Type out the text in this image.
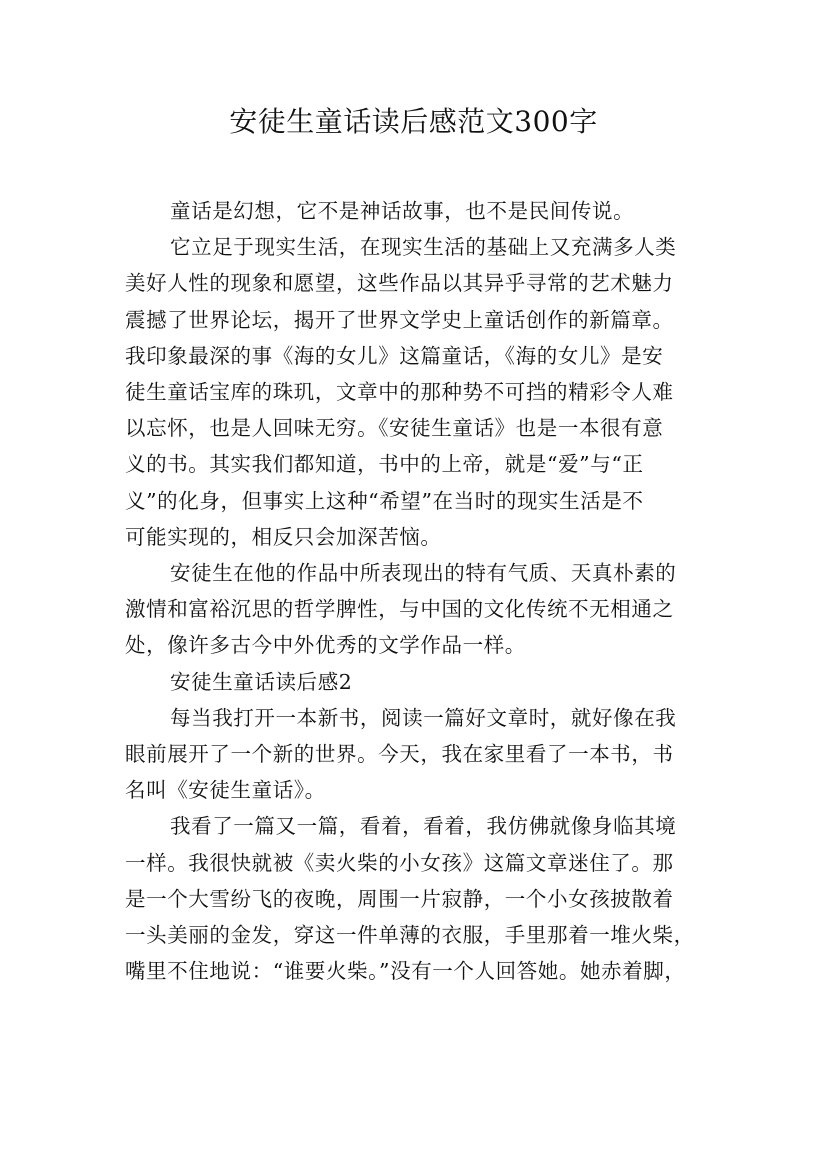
安徒生童话读后感范文300字

童话是幻想，它不是神话故事，也不是民间传说。

它立足于现实生活，在现实生活的基础上又充满多人类
美好人性的现象和愿望，这些作品以其异乎寻常的艺术魅力
震撼了世界论坛，揭开了世界文学史上童话创作的新篇章。
我印象最深的事《海的女儿》这篇童话，《海的女儿》是安
徒生童话宝库的珠玑，文章中的那种势不可挡的精彩令人难
以忘怀，也是人回味无穷。《安徒生童话》也是一本很有意
义的书。其实我们都知道，书中的上帝，就是“爱”与“正
义”的化身，但事实上这种“希望”在当时的现实生活是不
可能实现的，相反只会加深苦恼。

安徒生在他的作品中所表现出的特有气质、天真朴素的
激情和富裕沉思的哲学脾性，与中国的文化传统不无相通之
处，像许多古今中外优秀的文学作品一样。

安徒生童话读后感2

每当我打开一本新书，阅读一篇好文章时，就好像在我
眼前展开了一个新的世界。今天，我在家里看了一本书，书
名叫《安徒生童话》。

我看了一篇又一篇，看着，看着，我仿佛就像身临其境
一样。我很快就被《卖火柴的小女孩》这篇文章迷住了。那
是一个大雪纷飞的夜晚，周围一片寂静，一个小女孩披散着
一头美丽的金发，穿这一件单薄的衣服，手里那着一堆火柴，
嘴里不住地说：“谁要火柴。”没有一个人回答她。她赤着脚，
